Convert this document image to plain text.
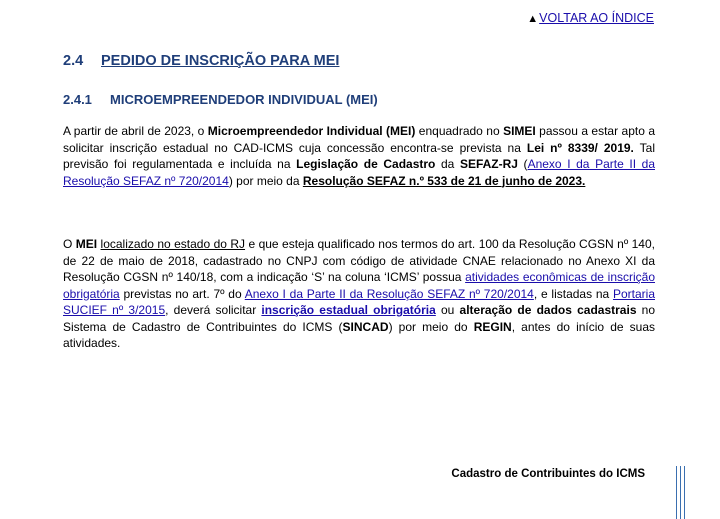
▲VOLTAR AO ÍNDICE
2.4 PEDIDO DE INSCRIÇÃO PARA MEI
2.4.1 MICROEMPREENDEDOR INDIVIDUAL (MEI)
A partir de abril de 2023, o Microempreendedor Individual (MEI) enquadrado no SIMEI passou a estar apto a solicitar inscrição estadual no CAD-ICMS cuja concessão encontra-se prevista na Lei nº 8339/ 2019. Tal previsão foi regulamentada e incluída na Legislação de Cadastro da SEFAZ-RJ (Anexo I da Parte II da Resolução SEFAZ nº 720/2014) por meio da Resolução SEFAZ n.º 533 de 21 de junho de 2023.
O MEI localizado no estado do RJ e que esteja qualificado nos termos do art. 100 da Resolução CGSN nº 140, de 22 de maio de 2018, cadastrado no CNPJ com código de atividade CNAE relacionado no Anexo XI da Resolução CGSN nº 140/18, com a indicação ‘S’ na coluna ‘ICMS’ possua atividades econômicas de inscrição obrigatória previstas no art. 7º do Anexo I da Parte II da Resolução SEFAZ nº 720/2014, e listadas na Portaria SUCIEF nº 3/2015, deverá solicitar inscrição estadual obrigatória ou alteração de dados cadastrais no Sistema de Cadastro de Contribuintes do ICMS (SINCAD) por meio do REGIN, antes do início de suas atividades.
Cadastro de Contribuintes do ICMS
